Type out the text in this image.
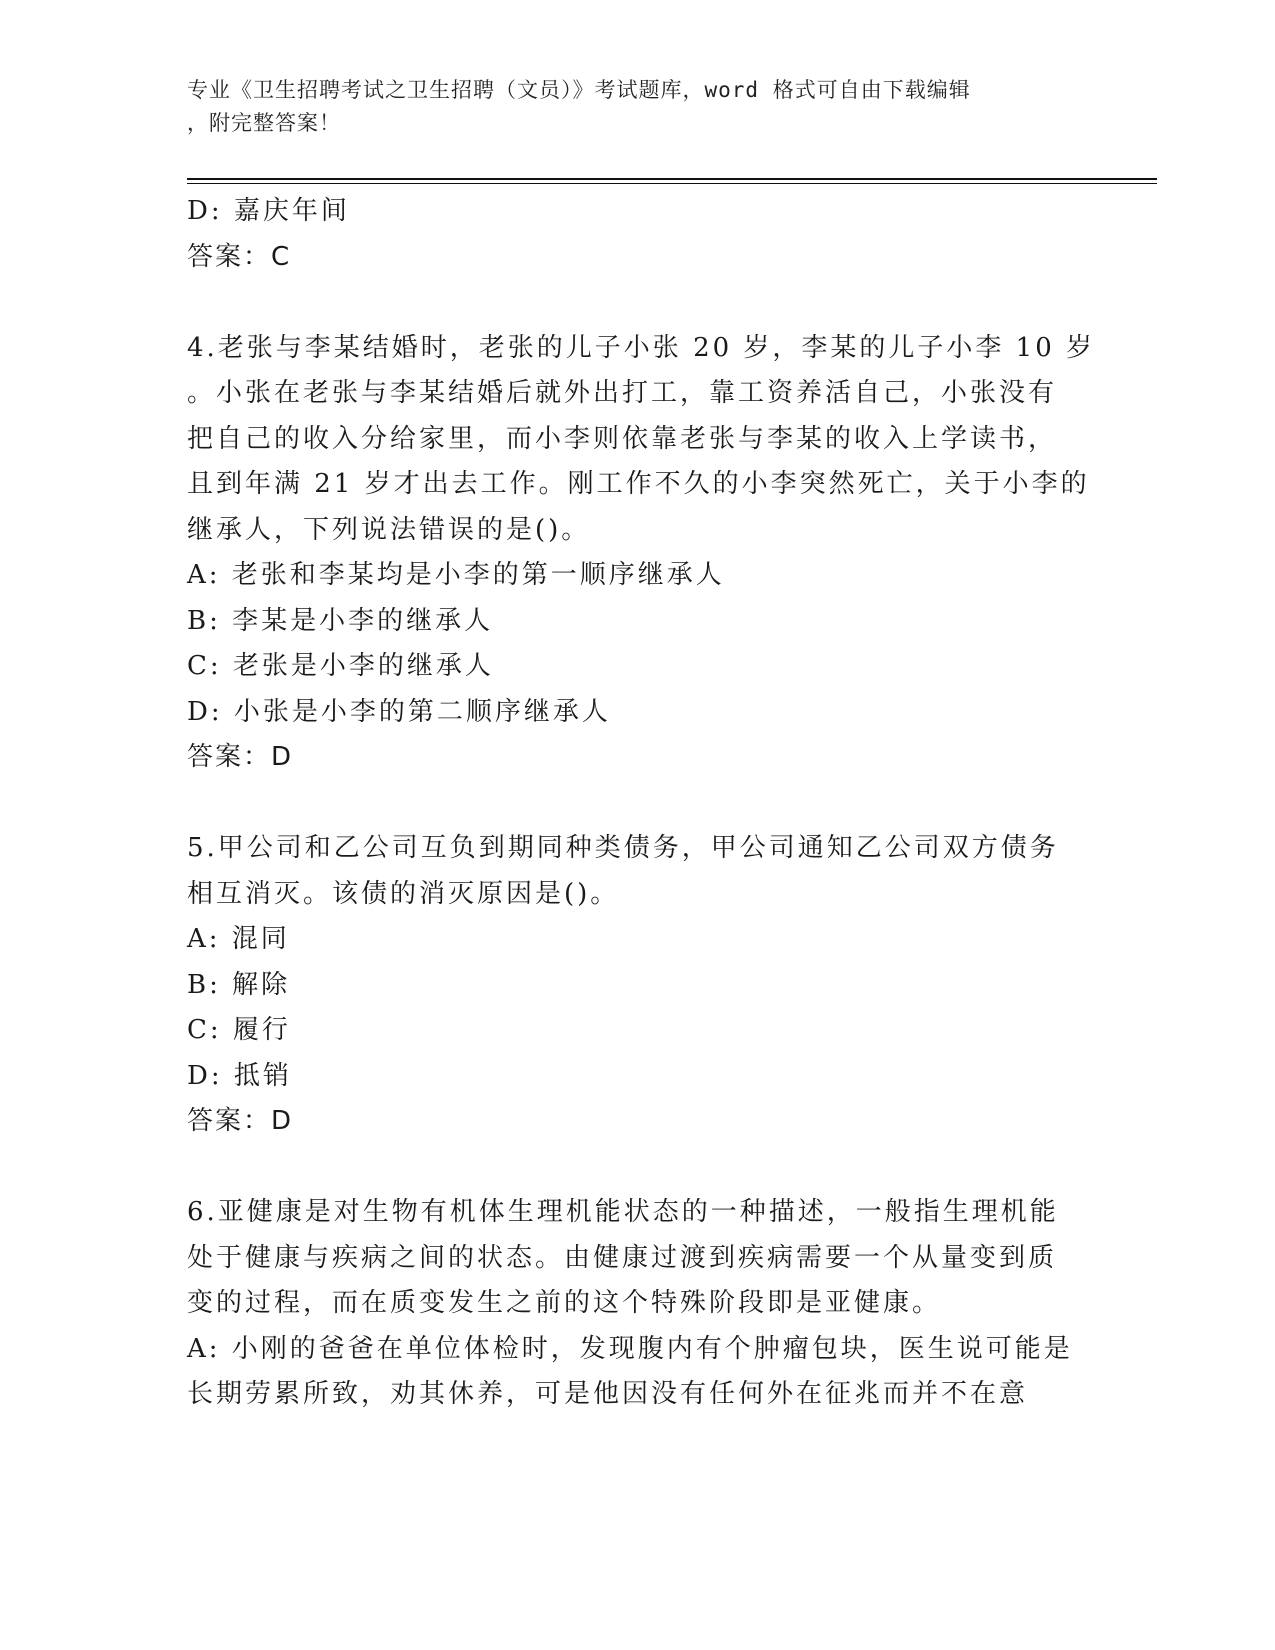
专业《卫生招聘考试之卫生招聘（文员）》考试题库，word 格式可自由下载编辑
，附完整答案！
D: 嘉庆年间
答案：C
4.老张与李某结婚时，老张的儿子小张 20 岁，李某的儿子小李 10 岁
。小张在老张与李某结婚后就外出打工，靠工资养活自己，小张没有
把自己的收入分给家里，而小李则依靠老张与李某的收入上学读书，
且到年满 21 岁才出去工作。刚工作不久的小李突然死亡，关于小李的
继承人，下列说法错误的是()。
A: 老张和李某均是小李的第一顺序继承人
B: 李某是小李的继承人
C: 老张是小李的继承人
D: 小张是小李的第二顺序继承人
答案：D
5.甲公司和乙公司互负到期同种类债务，甲公司通知乙公司双方债务
相互消灭。该债的消灭原因是()。
A: 混同
B: 解除
C: 履行
D: 抵销
答案：D
6.亚健康是对生物有机体生理机能状态的一种描述，一般指生理机能
处于健康与疾病之间的状态。由健康过渡到疾病需要一个从量变到质
变的过程，而在质变发生之前的这个特殊阶段即是亚健康。
A: 小刚的爸爸在单位体检时，发现腹内有个肿瘤包块，医生说可能是
长期劳累所致，劝其休养，可是他因没有任何外在征兆而并不在意
